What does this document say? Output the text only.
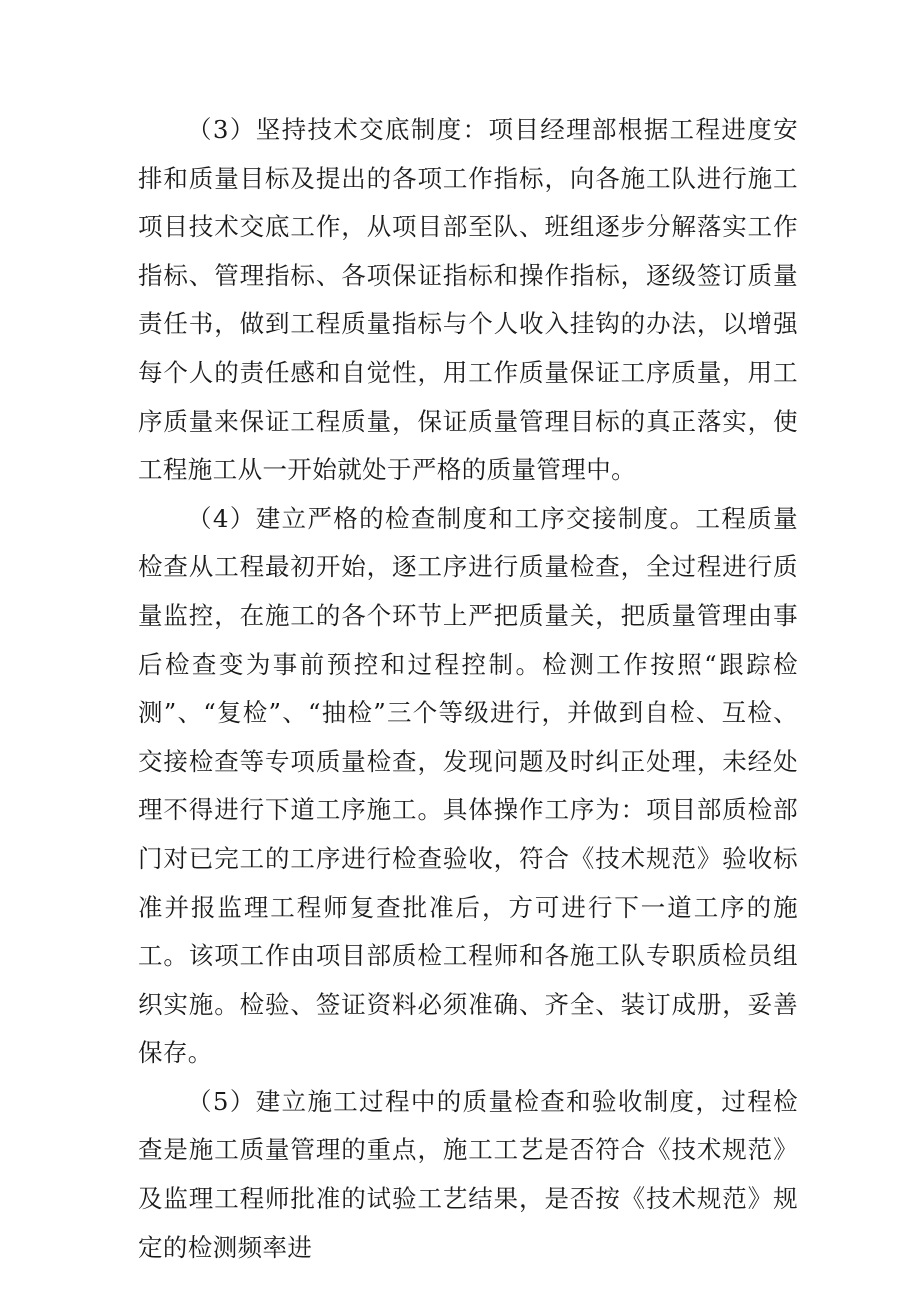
（3）坚持技术交底制度：项目经理部根据工程进度安排和质量目标及提出的各项工作指标，向各施工队进行施工项目技术交底工作，从项目部至队、班组逐步分解落实工作指标、管理指标、各项保证指标和操作指标，逐级签订质量责任书，做到工程质量指标与个人收入挂钩的办法，以增强每个人的责任感和自觉性，用工作质量保证工序质量，用工序质量来保证工程质量，保证质量管理目标的真正落实，使工程施工从一开始就处于严格的质量管理中。

（4）建立严格的检查制度和工序交接制度。工程质量检查从工程最初开始，逐工序进行质量检查，全过程进行质量监控，在施工的各个环节上严把质量关，把质量管理由事后检查变为事前预控和过程控制。检测工作按照“跟踪检测”、“复检”、“抽检”三个等级进行，并做到自检、互检、交接检查等专项质量检查，发现问题及时纠正处理，未经处理不得进行下道工序施工。具体操作工序为：项目部质检部门对已完工的工序进行检查验收，符合《技术规范》验收标准并报监理工程师复查批准后，方可进行下一道工序的施工。该项工作由项目部质检工程师和各施工队专职质检员组织实施。检验、签证资料必须准确、齐全、装订成册，妥善保存。

（5）建立施工过程中的质量检查和验收制度，过程检查是施工质量管理的重点，施工工艺是否符合《技术规范》及监理工程师批准的试验工艺结果，是否按《技术规范》规定的检测频率进
